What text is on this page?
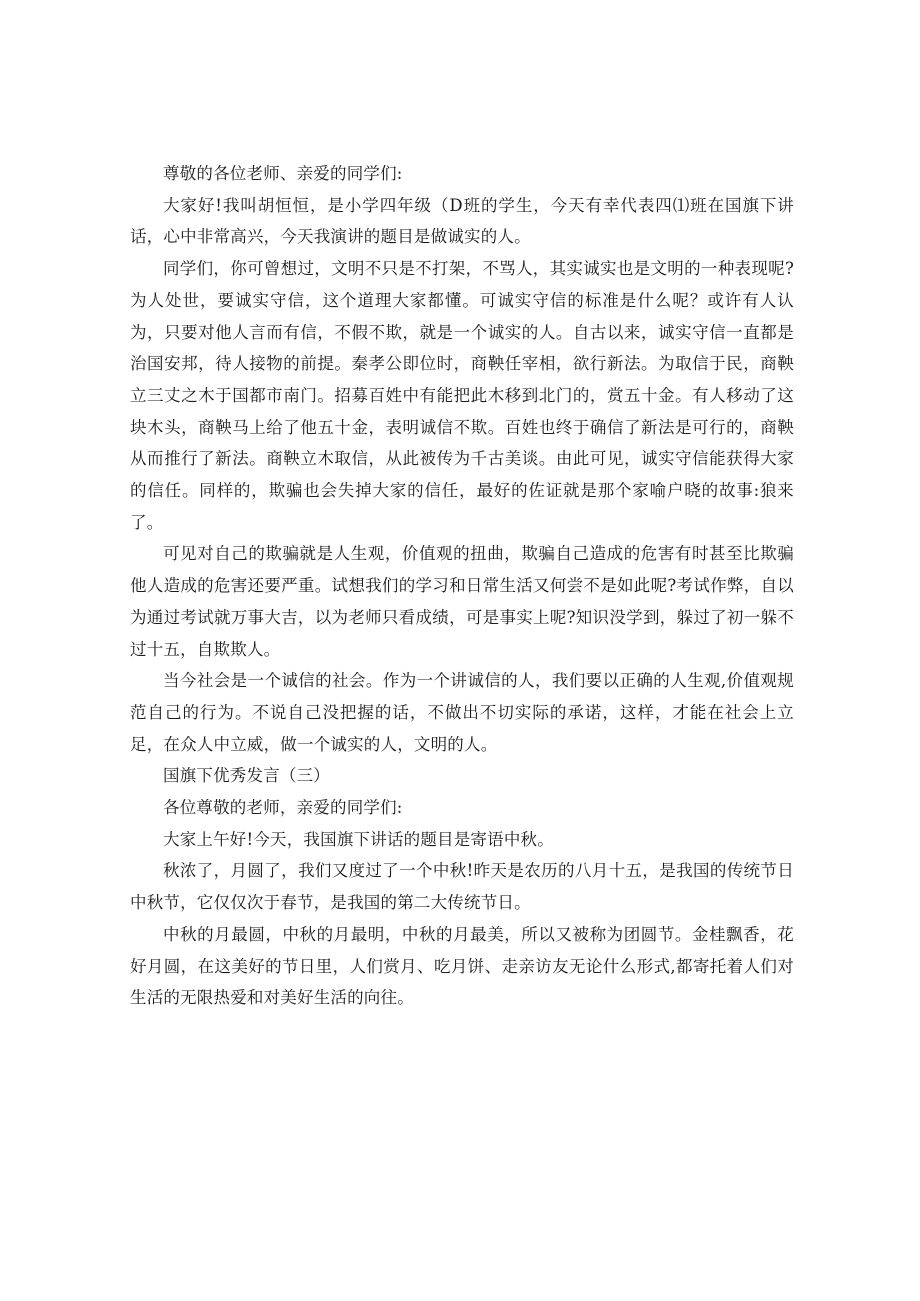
尊敬的各位老师、亲爱的同学们:

大家好!我叫胡恒恒，是小学四年级（D班的学生，今天有幸代表四⑴班在国旗下讲话，心中非常高兴，今天我演讲的题目是做诚实的人。

同学们，你可曾想过，文明不只是不打架，不骂人，其实诚实也是文明的一种表现呢?为人处世，要诚实守信，这个道理大家都懂。可诚实守信的标准是什么呢？或许有人认为，只要对他人言而有信，不假不欺，就是一个诚实的人。自古以来，诚实守信一直都是治国安邦，待人接物的前提。秦孝公即位时，商鞅任宰相，欲行新法。为取信于民，商鞅立三丈之木于国都市南门。招募百姓中有能把此木移到北门的，赏五十金。有人移动了这块木头，商鞅马上给了他五十金，表明诚信不欺。百姓也终于确信了新法是可行的，商鞅从而推行了新法。商鞅立木取信，从此被传为千古美谈。由此可见，诚实守信能获得大家的信任。同样的，欺骗也会失掉大家的信任，最好的佐证就是那个家喻户晓的故事:狼来了。

可见对自己的欺骗就是人生观，价值观的扭曲，欺骗自己造成的危害有时甚至比欺骗他人造成的危害还要严重。试想我们的学习和日常生活又何尝不是如此呢?考试作弊，自以为通过考试就万事大吉，以为老师只看成绩，可是事实上呢?知识没学到，躲过了初一躲不过十五，自欺欺人。

当今社会是一个诚信的社会。作为一个讲诚信的人，我们要以正确的人生观,价值观规范自己的行为。不说自己没把握的话，不做出不切实际的承诺，这样，才能在社会上立足，在众人中立威，做一个诚实的人，文明的人。

国旗下优秀发言（三）

各位尊敬的老师，亲爱的同学们:

大家上午好!今天，我国旗下讲话的题目是寄语中秋。

秋浓了，月圆了，我们又度过了一个中秋!昨天是农历的八月十五，是我国的传统节日中秋节，它仅仅次于春节，是我国的第二大传统节日。

中秋的月最圆，中秋的月最明，中秋的月最美，所以又被称为团圆节。金桂飘香，花好月圆，在这美好的节日里，人们赏月、吃月饼、走亲访友无论什么形式,都寄托着人们对生活的无限热爱和对美好生活的向往。
